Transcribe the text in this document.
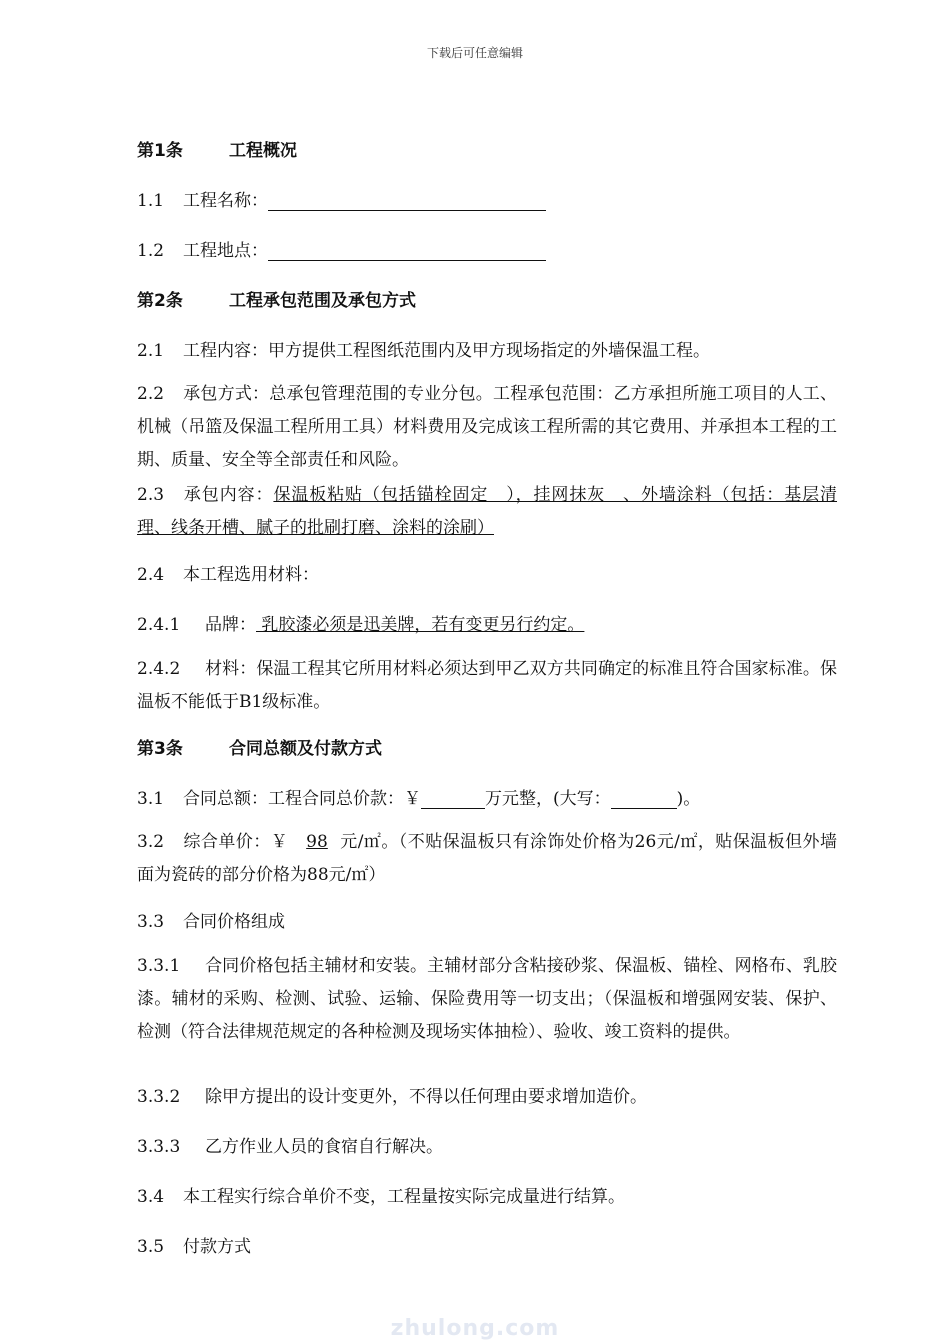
下载后可任意编辑
第1条	工程概况
1.1 工程名称：
1.2 工程地点：
第2条	工程承包范围及承包方式
2.1 工程内容：甲方提供工程图纸范围内及甲方现场指定的外墙保温工程。
2.2 承包方式：总承包管理范围的专业分包。工程承包范围：乙方承担所施工项目的人工、机械（吊篮及保温工程所用工具）材料费用及完成该工程所需的其它费用、并承担本工程的工期、质量、安全等全部责任和风险。
2.3 承包内容：保温板粘贴（包括锚栓固定　），挂网抹灰　、外墙涂料（包括：基层清理、线条开槽、腻子的批刷打磨、涂料的涂刷）
2.4 本工程选用材料：
2.4.1 品牌： 乳胶漆必须是迅美牌，若有变更另行约定。
2.4.2 材料：保温工程其它所用材料必须达到甲乙双方共同确定的标准且符合国家标准。保温板不能低于B1级标准。
第3条	合同总额及付款方式
3.1 合同总额：工程合同总价款：￥	万元整，(大写：	)。
3.2 综合单价：￥ 98 元/㎡。（不贴保温板只有涂饰处价格为26元/㎡，贴保温板但外墙面为瓷砖的部分价格为88元/㎡）
3.3 合同价格组成
3.3.1 合同价格包括主辅材和安装。主辅材部分含粘接砂浆、保温板、锚栓、网格布、乳胶漆。辅材的采购、检测、试验、运输、保险费用等一切支出；（保温板和增强网安装、保护、检测（符合法律规范规定的各种检测及现场实体抽检）、验收、竣工资料的提供。
3.3.2 除甲方提出的设计变更外，不得以任何理由要求增加造价。
3.3.3 乙方作业人员的食宿自行解决。
3.4 本工程实行综合单价不变，工程量按实际完成量进行结算。
3.5 付款方式
zhulong.com
